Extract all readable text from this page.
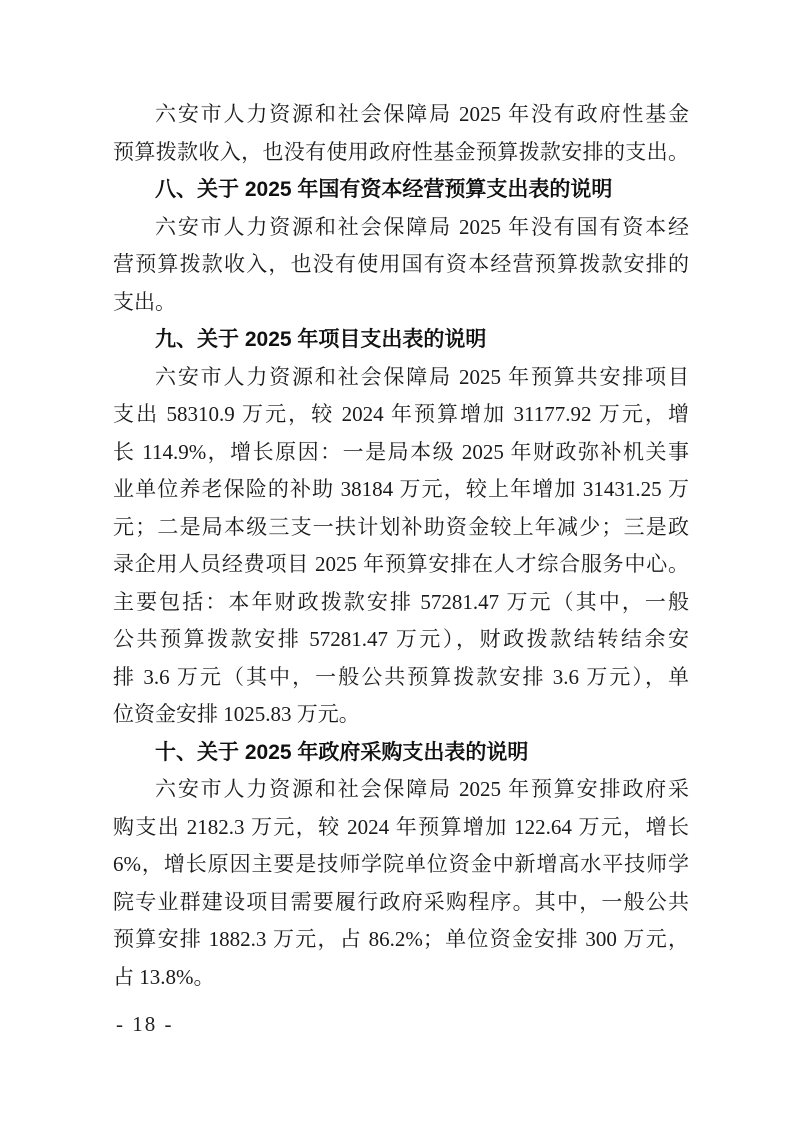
六安市人力资源和社会保障局 2025 年没有政府性基金
预算拨款收入，也没有使用政府性基金预算拨款安排的支出。
八、关于 2025 年国有资本经营预算支出表的说明
六安市人力资源和社会保障局 2025 年没有国有资本经
营预算拨款收入，也没有使用国有资本经营预算拨款安排的
支出。
九、关于 2025 年项目支出表的说明
六安市人力资源和社会保障局 2025 年预算共安排项目
支出 58310.9 万元，较 2024 年预算增加 31177.92 万元，增
长 114.9%，增长原因：一是局本级 2025 年财政弥补机关事
业单位养老保险的补助 38184 万元，较上年增加 31431.25 万
元；二是局本级三支一扶计划补助资金较上年减少；三是政
录企用人员经费项目 2025 年预算安排在人才综合服务中心。
主要包括：本年财政拨款安排 57281.47 万元（其中，一般
公共预算拨款安排 57281.47 万元），财政拨款结转结余安
排 3.6 万元（其中，一般公共预算拨款安排 3.6 万元），单
位资金安排 1025.83 万元。
十、关于 2025 年政府采购支出表的说明
六安市人力资源和社会保障局 2025 年预算安排政府采
购支出 2182.3 万元，较 2024 年预算增加 122.64 万元，增长
6%，增长原因主要是技师学院单位资金中新增高水平技师学
院专业群建设项目需要履行政府采购程序。其中，一般公共
预算安排 1882.3 万元，占 86.2%；单位资金安排 300 万元，
占 13.8%。
- 18 -
